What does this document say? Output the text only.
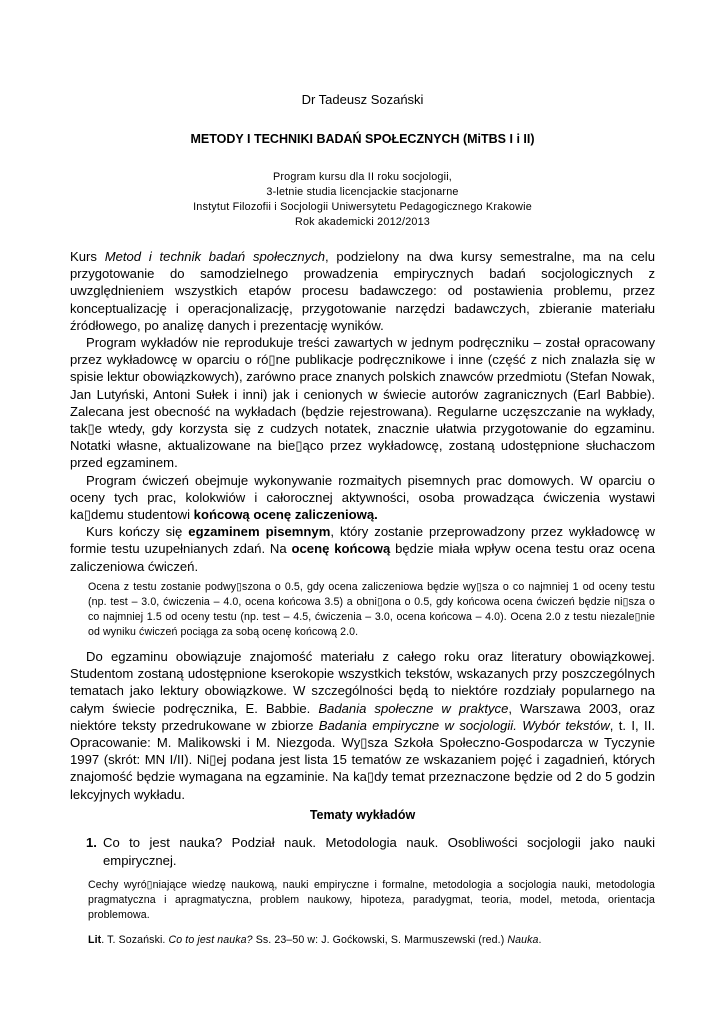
Dr Tadeusz Sozański
METODY I TECHNIKI BADAŃ SPOŁECZNYCH (MiTBS I i II)
Program kursu dla II roku socjologii,
3-letnie studia licencjackie stacjonarne
Instytut Filozofii i Socjologii Uniwersytetu Pedagogicznego Krakowie
Rok akademicki 2012/2013

Kurs Metod i technik badań społecznych, podzielony na dwa kursy semestralne, ma na celu przygotowanie do samodzielnego prowadzenia empirycznych badań socjologicznych z uwzględnieniem wszystkich etapów procesu badawczego: od postawienia problemu, przez konceptualizację i operacjonalizację, przygotowanie narzędzi badawczych, zbieranie materiału źródłowego, po analizę danych i prezentację wyników.

Program wykładów nie reprodukuje treści zawartych w jednym podręczniku – został opracowany przez wykładowcę w oparciu o ró▯ne publikacje podręcznikowe i inne (część z nich znalazła się w spisie lektur obowiązkowych), zarówno prace znanych polskich znawców przedmiotu (Stefan Nowak, Jan Lutyński, Antoni Sułek i inni) jak i cenionych w świecie autorów zagranicznych (Earl Babbie). Zalecana jest obecność na wykładach (będzie rejestrowana). Regularne uczęszczanie na wykłady, tak▯e wtedy, gdy korzysta się z cudzych notatek, znacznie ułatwia przygotowanie do egzaminu. Notatki własne, aktualizowane na bie▯ąco przez wykładowcę, zostaną udostępnione słuchaczom przed egzaminem.

Program ćwiczeń obejmuje wykonywanie rozmaitych pisemnych prac domowych. W oparciu o oceny tych prac, kolokwiów i całorocznej aktywności, osoba prowadząca ćwiczenia wystawi ka▯demu studentowi końcową ocenę zaliczeniową.

Kurs kończy się egzaminem pisemnym, który zostanie przeprowadzony przez wykładowcę w formie testu uzupełnianych zdań. Na ocenę końcową będzie miała wpływ ocena testu oraz ocena zaliczeniowa ćwiczeń.

Ocena z testu zostanie podwy▯szona o 0.5, gdy ocena zaliczeniowa będzie wy▯sza o co najmniej 1 od oceny testu (np. test – 3.0, ćwiczenia – 4.0, ocena końcowa 3.5) a obni▯ona o 0.5, gdy końcowa ocena ćwiczeń będzie ni▯sza o co najmniej 1.5 od oceny testu (np. test – 4.5, ćwiczenia – 3.0, ocena końcowa – 4.0). Ocena 2.0 z testu niezale▯nie od wyniku ćwiczeń pociąga za sobą ocenę końcową 2.0.

Do egzaminu obowiązuje znajomość materiału z całego roku oraz literatury obowiązkowej. Studentom zostaną udostępnione kserokopie wszystkich tekstów, wskazanych przy poszczególnych tematach jako lektury obowiązkowe. W szczególności będą to niektóre rozdziały popularnego na całym świecie podręcznika, E. Babbie. Badania społeczne w praktyce, Warszawa 2003, oraz niektóre teksty przedrukowane w zbiorze Badania empiryczne w socjologii. Wybór tekstów, t. I, II. Opracowanie: M. Malikowski i M. Niezgoda. Wy▯sza Szkoła Społeczno-Gospodarcza w Tyczynie 1997 (skrót: MN I/II). Ni▯ej podana jest lista 15 tematów ze wskazaniem pojęć i zagadnień, których znajomość będzie wymagana na egzaminie. Na ka▯dy temat przeznaczone będzie od 2 do 5 godzin lekcyjnych wykładu.

Tematy wykładów
1. Co to jest nauka? Podział nauk. Metodologia nauk. Osobliwości socjologii jako nauki empirycznej.

Cechy wyró▯niające wiedzę naukową, nauki empiryczne i formalne, metodologia a socjologia nauki, metodologia pragmatyczna i apragmatyczna, problem naukowy, hipoteza, paradygmat, teoria, model, metoda, orientacja problemowa.

Lit. T. Sozański. Co to jest nauka? Ss. 23–50 w: J. Goćkowski, S. Marmuszewski (red.) Nauka.
